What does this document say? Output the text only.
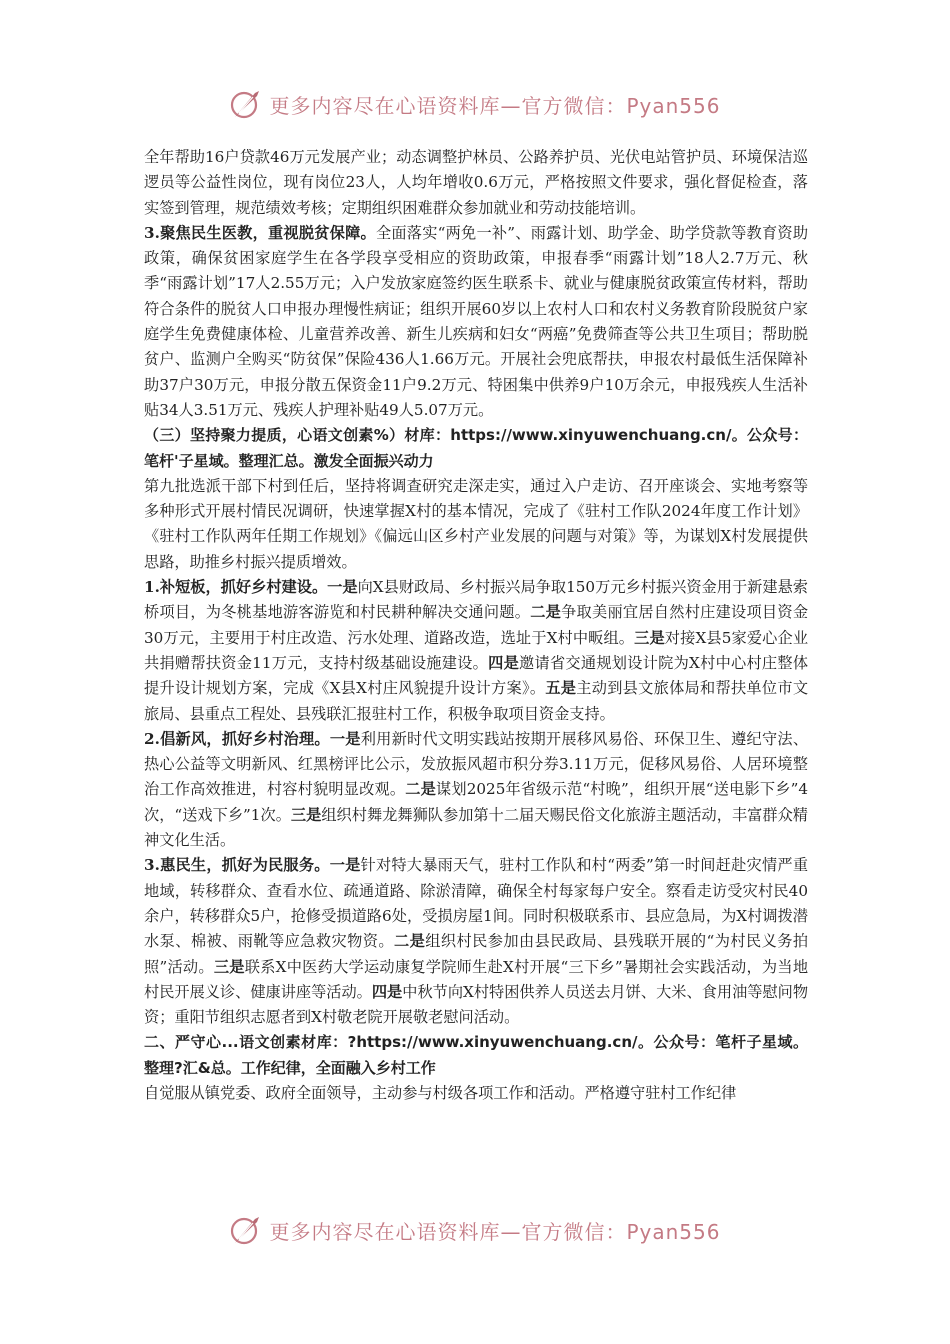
更多内容尽在心语资料库—官方微信：Pyan556

全年帮助16户贷款46万元发展产业；动态调整护林员、公路养护员、光伏电站管护员、环境保洁巡逻员等公益性岗位，现有岗位23人，人均年增收0.6万元，严格按照文件要求，强化督促检查，落实签到管理，规范绩效考核；定期组织困难群众参加就业和劳动技能培训。

3.聚焦民生医教，重视脱贫保障。全面落实“两免一补”、雨露计划、助学金、助学贷款等教育资助政策，确保贫困家庭学生在各学段享受相应的资助政策，申报春季“雨露计划”18人2.7万元、秋季“雨露计划”17人2.55万元；入户发放家庭签约医生联系卡、就业与健康脱贫政策宣传材料，帮助符合条件的脱贫人口申报办理慢性病证；组织开展60岁以上农村人口和农村义务教育阶段脱贫户家庭学生免费健康体检、儿童营养改善、新生儿疾病和妇女“两癌”免费筛查等公共卫生项目；帮助脱贫户、监测户全购买“防贫保”保险436人1.66万元。开展社会兜底帮扶，申报农村最低生活保障补助37户30万元，申报分散五保资金11户9.2万元、特困集中供养9户10万余元，申报残疾人生活补贴34人3.51万元、残疾人护理补贴49人5.07万元。

（三）坚持聚力提质，心语文创素%）材库：https://www.xinyuwenchuang.cn/。公众号：笔杆'子星域。整理汇总。激发全面振兴动力

第九批选派干部下村到任后，坚持将调查研究走深走实，通过入户走访、召开座谈会、实地考察等多种形式开展村情民况调研，快速掌握X村的基本情况，完成了《驻村工作队2024年度工作计划》《驻村工作队两年任期工作规划》《偏远山区乡村产业发展的问题与对策》等，为谋划X村发展提供思路，助推乡村振兴提质增效。

1.补短板，抓好乡村建设。一是向X县财政局、乡村振兴局争取150万元乡村振兴资金用于新建悬索桥项目，为冬桃基地游客游览和村民耕种解决交通问题。二是争取美丽宜居自然村庄建设项目资金30万元，主要用于村庄改造、污水处理、道路改造，选址于X村中畈组。三是对接X县5家爱心企业共捐赠帮扶资金11万元，支持村级基础设施建设。四是邀请省交通规划设计院为X村中心村庄整体提升设计规划方案，完成《X县X村庄风貌提升设计方案》。五是主动到县文旅体局和帮扶单位市文旅局、县重点工程处、县残联汇报驻村工作，积极争取项目资金支持。

2.倡新风，抓好乡村治理。一是利用新时代文明实践站按期开展移风易俗、环保卫生、遵纪守法、热心公益等文明新风、红黑榜评比公示，发放振风超市积分券3.11万元，促移风易俗、人居环境整治工作高效推进，村容村貌明显改观。二是谋划2025年省级示范“村晚”，组织开展“送电影下乡”4次，“送戏下乡”1次。三是组织村舞龙舞狮队参加第十二届天赐民俗文化旅游主题活动，丰富群众精神文化生活。

3.惠民生，抓好为民服务。一是针对特大暴雨天气，驻村工作队和村“两委”第一时间赶赴灾情严重地域，转移群众、查看水位、疏通道路、除淤清障，确保全村每家每户安全。察看走访受灾村民40余户，转移群众5户，抢修受损道路6处，受损房屋1间。同时积极联系市、县应急局，为X村调拨潜水泵、棉被、雨靴等应急救灾物资。二是组织村民参加由县民政局、县残联开展的“为村民义务拍照”活动。三是联系X中医药大学运动康复学院师生赴X村开展“三下乡”暑期社会实践活动，为当地村民开展义诊、健康讲座等活动。四是中秋节向X村特困供养人员送去月饼、大米、食用油等慰问物资；重阳节组织志愿者到X村敬老院开展敬老慰问活动。

二、严守心...语文创素材库：?https://www.xinyuwenchuang.cn/。公众号：笔杆子星域。整理?汇&总。工作纪律，全面融入乡村工作

自觉服从镇党委、政府全面领导，主动参与村级各项工作和活动。严格遵守驻村工作纪律

更多内容尽在心语资料库—官方微信：Pyan556
